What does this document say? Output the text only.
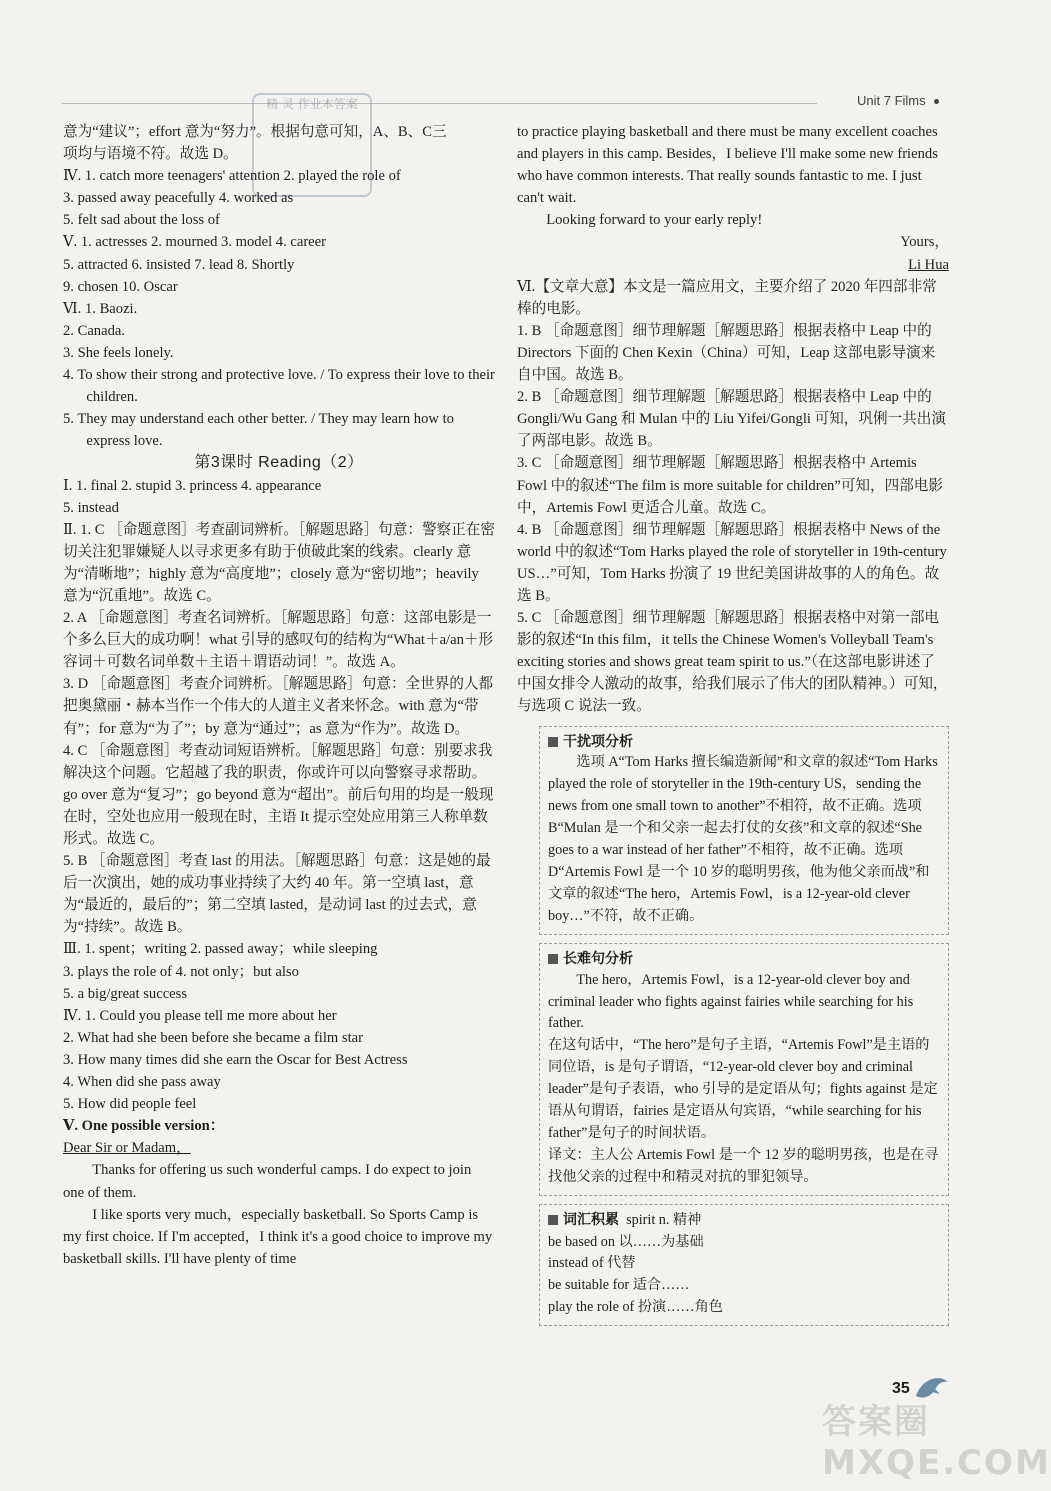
Unit 7 Films
精 灵 作业本答案

意为“建议”；effort 意为“努力”。根据句意可知，A、B、C三

项均与语境不符。故选 D。

Ⅳ. 1. catch more teenagers' attention 2. played the role of

3. passed away peacefully 4. worked as

5. felt sad about the loss of

Ⅴ. 1. actresses 2. mourned 3. model 4. career

5. attracted 6. insisted 7. lead 8. Shortly

9. chosen 10. Oscar

Ⅵ. 1. Baozi.

2. Canada.

3. She feels lonely.

4. To show their strong and protective love. / To express their love to their children.

5. They may understand each other better. / They may learn how to express love.

第3课时 Reading（2）

Ⅰ. 1. final 2. stupid 3. princess 4. appearance

5. instead

Ⅱ. 1. C ［命题意图］考查副词辨析。［解题思路］句意：警察正在密切关注犯罪嫌疑人以寻求更多有助于侦破此案的线索。clearly 意为“清晰地”；highly 意为“高度地”；closely 意为“密切地”；heavily 意为“沉重地”。故选 C。

2. A ［命题意图］考查名词辨析。［解题思路］句意：这部电影是一个多么巨大的成功啊！what 引导的感叹句的结构为“What＋a/an＋形容词＋可数名词单数＋主语＋谓语动词！”。故选 A。

3. D ［命题意图］考查介词辨析。［解题思路］句意：全世界的人都把奥黛丽・赫本当作一个伟大的人道主义者来怀念。with 意为“带有”；for 意为“为了”；by 意为“通过”；as 意为“作为”。故选 D。

4. C ［命题意图］考查动词短语辨析。［解题思路］句意：别要求我解决这个问题。它超越了我的职责，你或许可以向警察寻求帮助。go over 意为“复习”；go beyond 意为“超出”。前后句用的均是一般现在时，空处也应用一般现在时，主语 It 提示空处应用第三人称单数形式。故选 C。

5. B ［命题意图］考查 last 的用法。［解题思路］句意：这是她的最后一次演出，她的成功事业持续了大约 40 年。第一空填 last，意为“最近的，最后的”；第二空填 lasted，是动词 last 的过去式，意为“持续”。故选 B。

Ⅲ. 1. spent；writing 2. passed away；while sleeping

3. plays the role of 4. not only；but also

5. a big/great success

Ⅳ. 1. Could you please tell me more about her

2. What had she been before she became a film star

3. How many times did she earn the Oscar for Best Actress

4. When did she pass away

5. How did people feel

Ⅴ. One possible version：

Dear Sir or Madam，

Thanks for offering us such wonderful camps. I do expect to join one of them.

I like sports very much，especially basketball. So Sports Camp is my first choice. If I'm accepted，I think it's a good choice to improve my basketball skills. I'll have plenty of time

to practice playing basketball and there must be many excellent coaches and players in this camp. Besides，I believe I'll make some new friends who have common interests. That really sounds fantastic to me. I just can't wait.

Looking forward to your early reply!

Yours，

Li Hua

Ⅵ.【文章大意】本文是一篇应用文，主要介绍了 2020 年四部非常棒的电影。

1. B ［命题意图］细节理解题［解题思路］根据表格中 Leap 中的 Directors 下面的 Chen Kexin（China）可知，Leap 这部电影导演来自中国。故选 B。

2. B ［命题意图］细节理解题［解题思路］根据表格中 Leap 中的 Gongli/Wu Gang 和 Mulan 中的 Liu Yifei/Gongli 可知，巩俐一共出演了两部电影。故选 B。

3. C ［命题意图］细节理解题［解题思路］根据表格中 Artemis Fowl 中的叙述“The film is more suitable for children”可知，四部电影中，Artemis Fowl 更适合儿童。故选 C。

4. B ［命题意图］细节理解题［解题思路］根据表格中 News of the world 中的叙述“Tom Harks played the role of storyteller in 19th-century US…”可知，Tom Harks 扮演了 19 世纪美国讲故事的人的角色。故选 B。

5. C ［命题意图］细节理解题［解题思路］根据表格中对第一部电影的叙述“In this film，it tells the Chinese Women's Volleyball Team's exciting stories and shows great team spirit to us.”（在这部电影讲述了中国女排令人激动的故事，给我们展示了伟大的团队精神。）可知，与选项 C 说法一致。

干扰项分析

选项 A“Tom Harks 擅长编造新闻”和文章的叙述“Tom Harks played the role of storyteller in the 19th-century US，sending the news from one small town to another”不相符，故不正确。选项 B“Mulan 是一个和父亲一起去打仗的女孩”和文章的叙述“She goes to a war instead of her father”不相符，故不正确。选项 D“Artemis Fowl 是一个 10 岁的聪明男孩，他为他父亲而战”和文章的叙述“The hero，Artemis Fowl，is a 12-year-old clever boy…”不符，故不正确。

长难句分析

The hero，Artemis Fowl，is a 12-year-old clever boy and criminal leader who fights against fairies while searching for his father.

在这句话中，“The hero”是句子主语，“Artemis Fowl”是主语的同位语，is 是句子谓语，“12-year-old clever boy and criminal leader”是句子表语，who 引导的是定语从句；fights against 是定语从句谓语，fairies 是定语从句宾语，“while searching for his father”是句子的时间状语。

译文：主人公 Artemis Fowl 是一个 12 岁的聪明男孩，也是在寻找他父亲的过程中和精灵对抗的罪犯领导。

词汇积累 spirit n. 精神

be based on 以……为基础

instead of 代替

be suitable for 适合……

play the role of 扮演……角色

35
答案圈 MXQE.COM
